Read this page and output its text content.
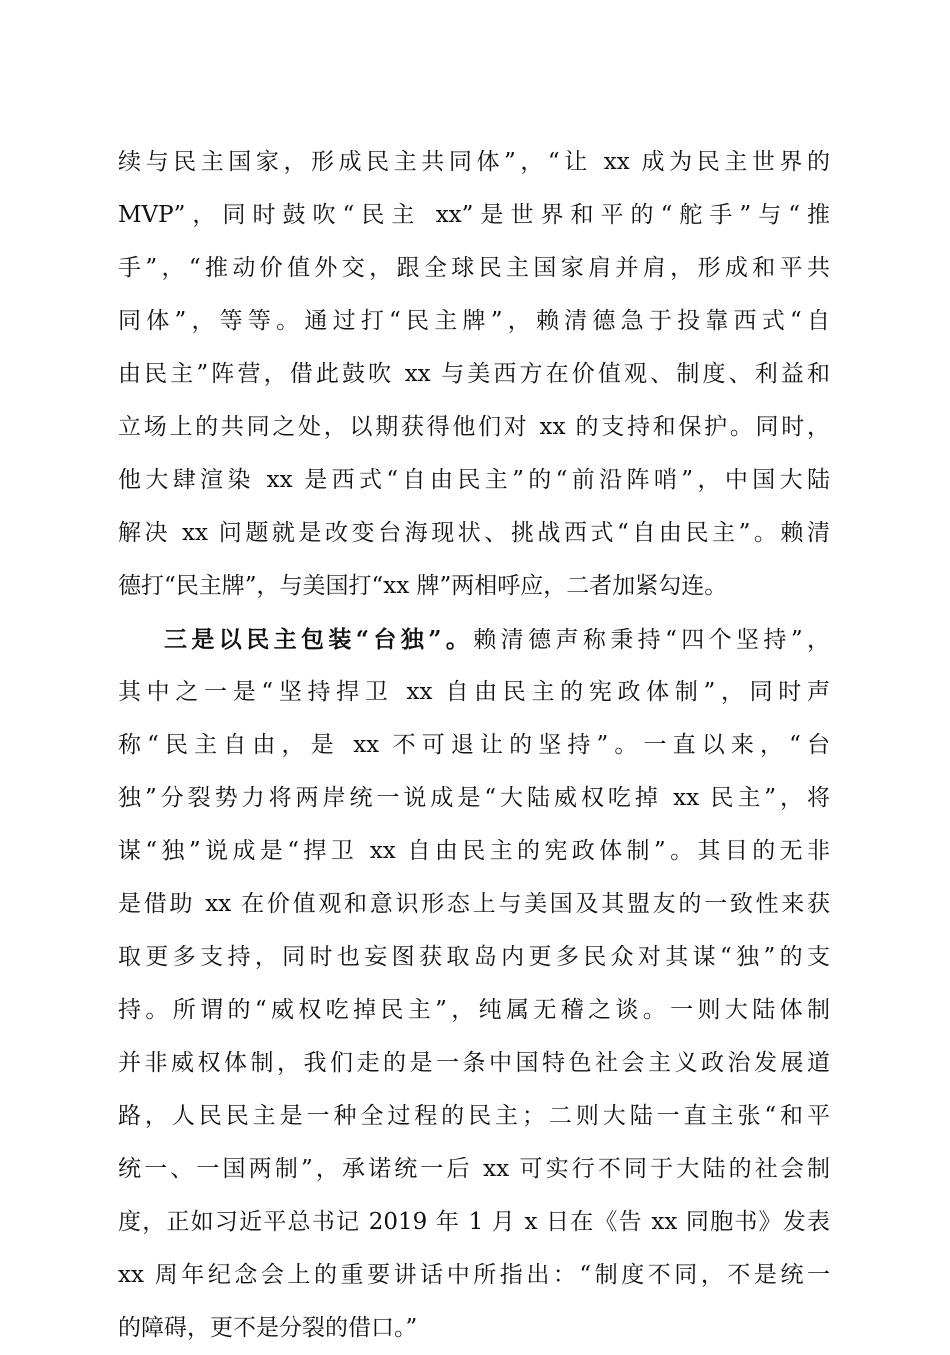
续与民主国家，形成民主共同体”，“让 xx 成为民主世界的
MVP”，同时鼓吹“民主 xx”是世界和平的“舵手”与“推
手”，“推动价值外交，跟全球民主国家肩并肩，形成和平共
同体”，等等。通过打“民主牌”，赖清德急于投靠西式“自
由民主”阵营，借此鼓吹 xx 与美西方在价值观、制度、利益和
立场上的共同之处，以期获得他们对 xx 的支持和保护。同时，
他大肆渲染 xx 是西式“自由民主”的“前沿阵哨”，中国大陆
解决 xx 问题就是改变台海现状、挑战西式“自由民主”。赖清
德打“民主牌”，与美国打“xx 牌”两相呼应，二者加紧勾连。
三是以民主包装“台独”。赖清德声称秉持“四个坚持”，
其中之一是“坚持捍卫 xx 自由民主的宪政体制”，同时声
称“民主自由，是 xx 不可退让的坚持”。一直以来，“台
独”分裂势力将两岸统一说成是“大陆威权吃掉 xx 民主”，将
谋“独”说成是“捍卫 xx 自由民主的宪政体制”。其目的无非
是借助 xx 在价值观和意识形态上与美国及其盟友的一致性来获
取更多支持，同时也妄图获取岛内更多民众对其谋“独”的支
持。所谓的“威权吃掉民主”，纯属无稽之谈。一则大陆体制
并非威权体制，我们走的是一条中国特色社会主义政治发展道
路，人民民主是一种全过程的民主；二则大陆一直主张“和平
统一、一国两制”，承诺统一后 xx 可实行不同于大陆的社会制
度，正如习近平总书记 2019 年 1 月 x 日在《告 xx 同胞书》发表
xx 周年纪念会上的重要讲话中所指出：“制度不同，不是统一
的障碍，更不是分裂的借口。”
